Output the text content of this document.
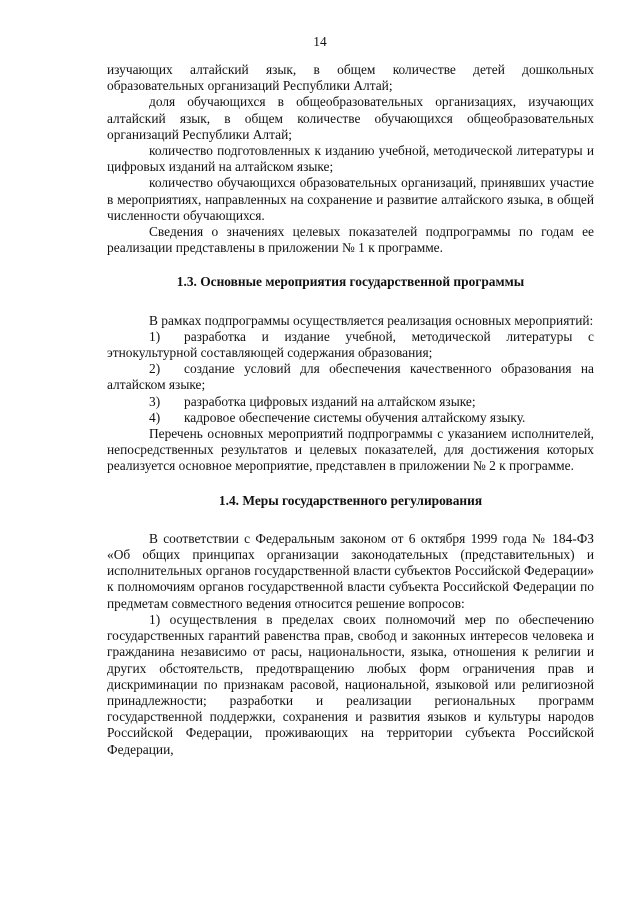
14

изучающих алтайский язык, в общем количестве детей дошкольных образовательных организаций Республики Алтай;

доля обучающихся в общеобразовательных организациях, изучающих алтайский язык, в общем количестве обучающихся общеобразовательных организаций Республики Алтай;

количество подготовленных к изданию учебной, методической литературы и цифровых изданий на алтайском языке;

количество обучающихся образовательных организаций, принявших участие в мероприятиях, направленных на сохранение и развитие алтайского языка, в общей численности обучающихся.

Сведения о значениях целевых показателей подпрограммы по годам ее реализации представлены в приложении № 1 к программе.

1.3. Основные мероприятия государственной программы

В рамках подпрограммы осуществляется реализация основных мероприятий:

1) разработка и издание учебной, методической литературы с этнокультурной составляющей содержания образования;

2) создание условий для обеспечения качественного образования на алтайском языке;

3) разработка цифровых изданий на алтайском языке;

4) кадровое обеспечение системы обучения алтайскому языку.

Перечень основных мероприятий подпрограммы с указанием исполнителей, непосредственных результатов и целевых показателей, для достижения которых реализуется основное мероприятие, представлен в приложении № 2 к программе.

1.4. Меры государственного регулирования

В соответствии с Федеральным законом от 6 октября 1999 года № 184-ФЗ «Об общих принципах организации законодательных (представительных) и исполнительных органов государственной власти субъектов Российской Федерации» к полномочиям органов государственной власти субъекта Российской Федерации по предметам совместного ведения относится решение вопросов:

1) осуществления в пределах своих полномочий мер по обеспечению государственных гарантий равенства прав, свобод и законных интересов человека и гражданина независимо от расы, национальности, языка, отношения к религии и других обстоятельств, предотвращению любых форм ограничения прав и дискриминации по признакам расовой, национальной, языковой или религиозной принадлежности; разработки и реализации региональных программ государственной поддержки, сохранения и развития языков и культуры народов Российской Федерации, проживающих на территории субъекта Российской Федерации,
